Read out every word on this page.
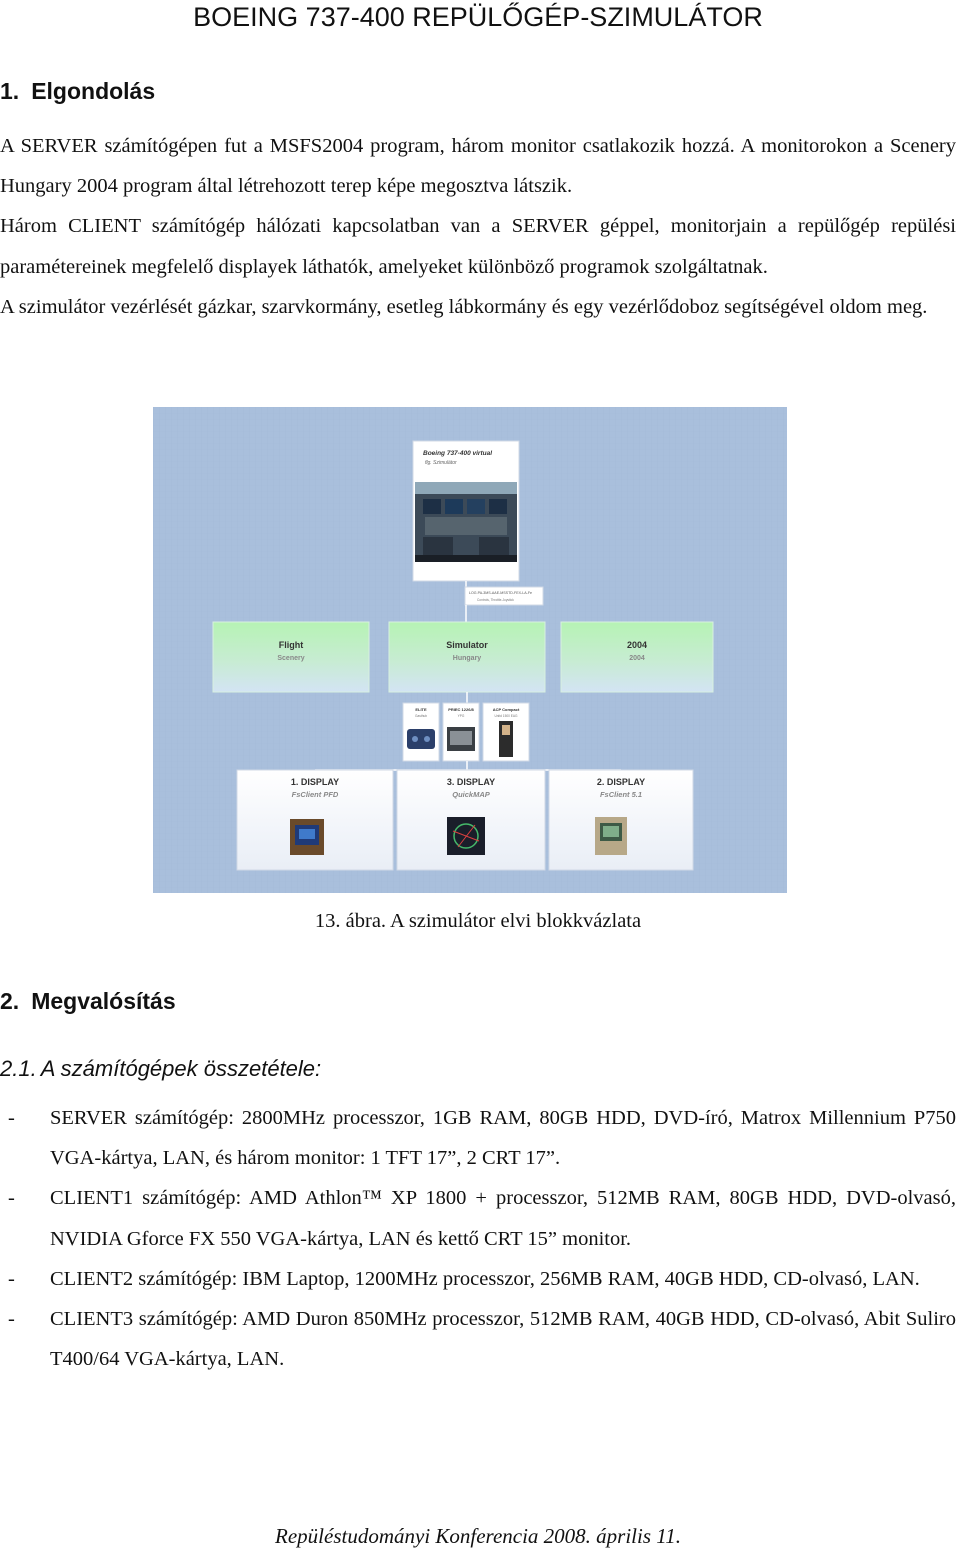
BOEING 737-400 REPÜLŐGÉP-SZIMULÁTOR
1. Elgondolás

A SERVER számítógépen fut a MSFS2004 program, három monitor csatlakozik hozzá. A monitorokon a Scenery Hungary 2004 program által létrehozott terep képe megosztva látszik.

Három CLIENT számítógép hálózati kapcsolatban van a SERVER géppel, monitorjain a repülőgép repülési paramétereinek megfelelő displayek láthatók, amelyeket különböző programok szolgáltatnak.

A szimulátor vezérlését gázkar, szarvkormány, esetleg lábkormány és egy vezérlődoboz segítségével oldom meg.

Boeing 737-400 virtual
flg. Szimulátor
LOG.PA-3MS-AAE-MSSTD-FEX-LA-Fe
Controls, Throttle-Joystick
Flight
Scenery
Simulator
Hungary
2004
2004
ELITE
Gasthub
PRIEC 1226/8
YPG
ACP Compact
Unitd 1500 EAG
1. DISPLAY
FsClient PFD
3. DISPLAY
QuickMAP
2. DISPLAY
FsClient 5.1
13. ábra. A szimulátor elvi blokkvázlata
2. Megvalósítás
2.1. A számítógépek összetétele:
- SERVER számítógép: 2800MHz processzor, 1GB RAM, 80GB HDD, DVD-író, Matrox Millennium P750 VGA-kártya, LAN, és három monitor: 1 TFT 17”, 2 CRT 17”.
- CLIENT1 számítógép: AMD Athlon™ XP 1800 + processzor, 512MB RAM, 80GB HDD, DVD-olvasó, NVIDIA Gforce FX 550 VGA-kártya, LAN és kettő CRT 15” monitor.
- CLIENT2 számítógép: IBM Laptop, 1200MHz processzor, 256MB RAM, 40GB HDD, CD-olvasó, LAN.
- CLIENT3 számítógép: AMD Duron 850MHz processzor, 512MB RAM, 40GB HDD, CD-olvasó, Abit Suliro T400/64 VGA-kártya, LAN.
Repüléstudományi Konferencia 2008. április 11.
